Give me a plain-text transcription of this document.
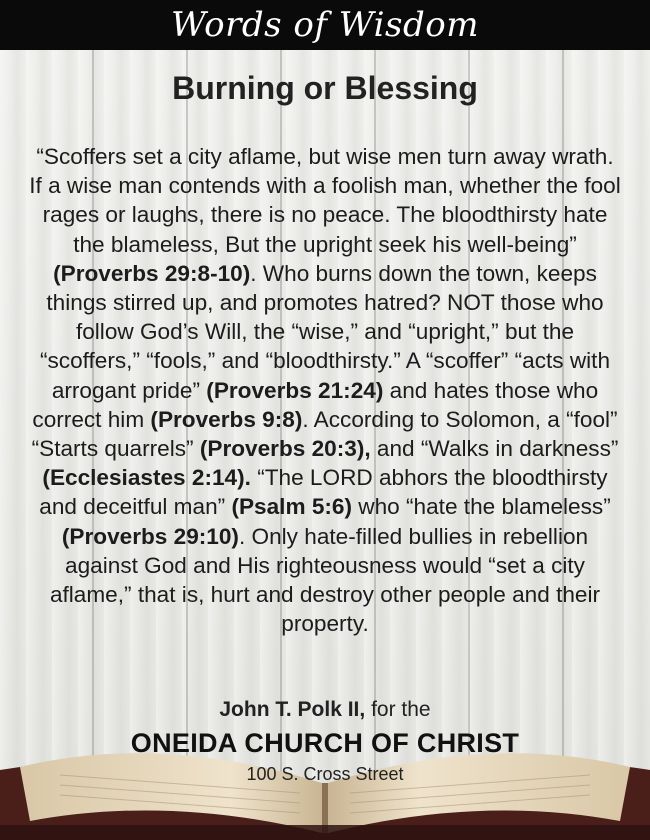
Words of Wisdom
Burning or Blessing
“Scoffers set a city aflame, but wise men turn away wrath. If a wise man contends with a foolish man, whether the fool rages or laughs, there is no peace. The bloodthirsty hate the blameless, But the upright seek his well-being” (Proverbs 29:8-10). Who burns down the town, keeps things stirred up, and promotes hatred? NOT those who follow God’s Will, the “wise,” and “upright,” but the “scoffers,” “fools,” and “bloodthirsty.” A “scoffer” “acts with arrogant pride” (Proverbs 21:24) and hates those who correct him (Proverbs 9:8). According to Solomon, a “fool” “Starts quarrels” (Proverbs 20:3), and “Walks in darkness” (Ecclesiastes 2:14). “The LORD abhors the bloodthirsty and deceitful man” (Psalm 5:6) who “hate the blameless” (Proverbs 29:10). Only hate-filled bullies in rebellion against God and His righteousness would “set a city aflame,” that is, hurt and destroy other people and their property.
John T. Polk II, for the
ONEIDA CHURCH OF CHRIST
100 S. Cross Street
